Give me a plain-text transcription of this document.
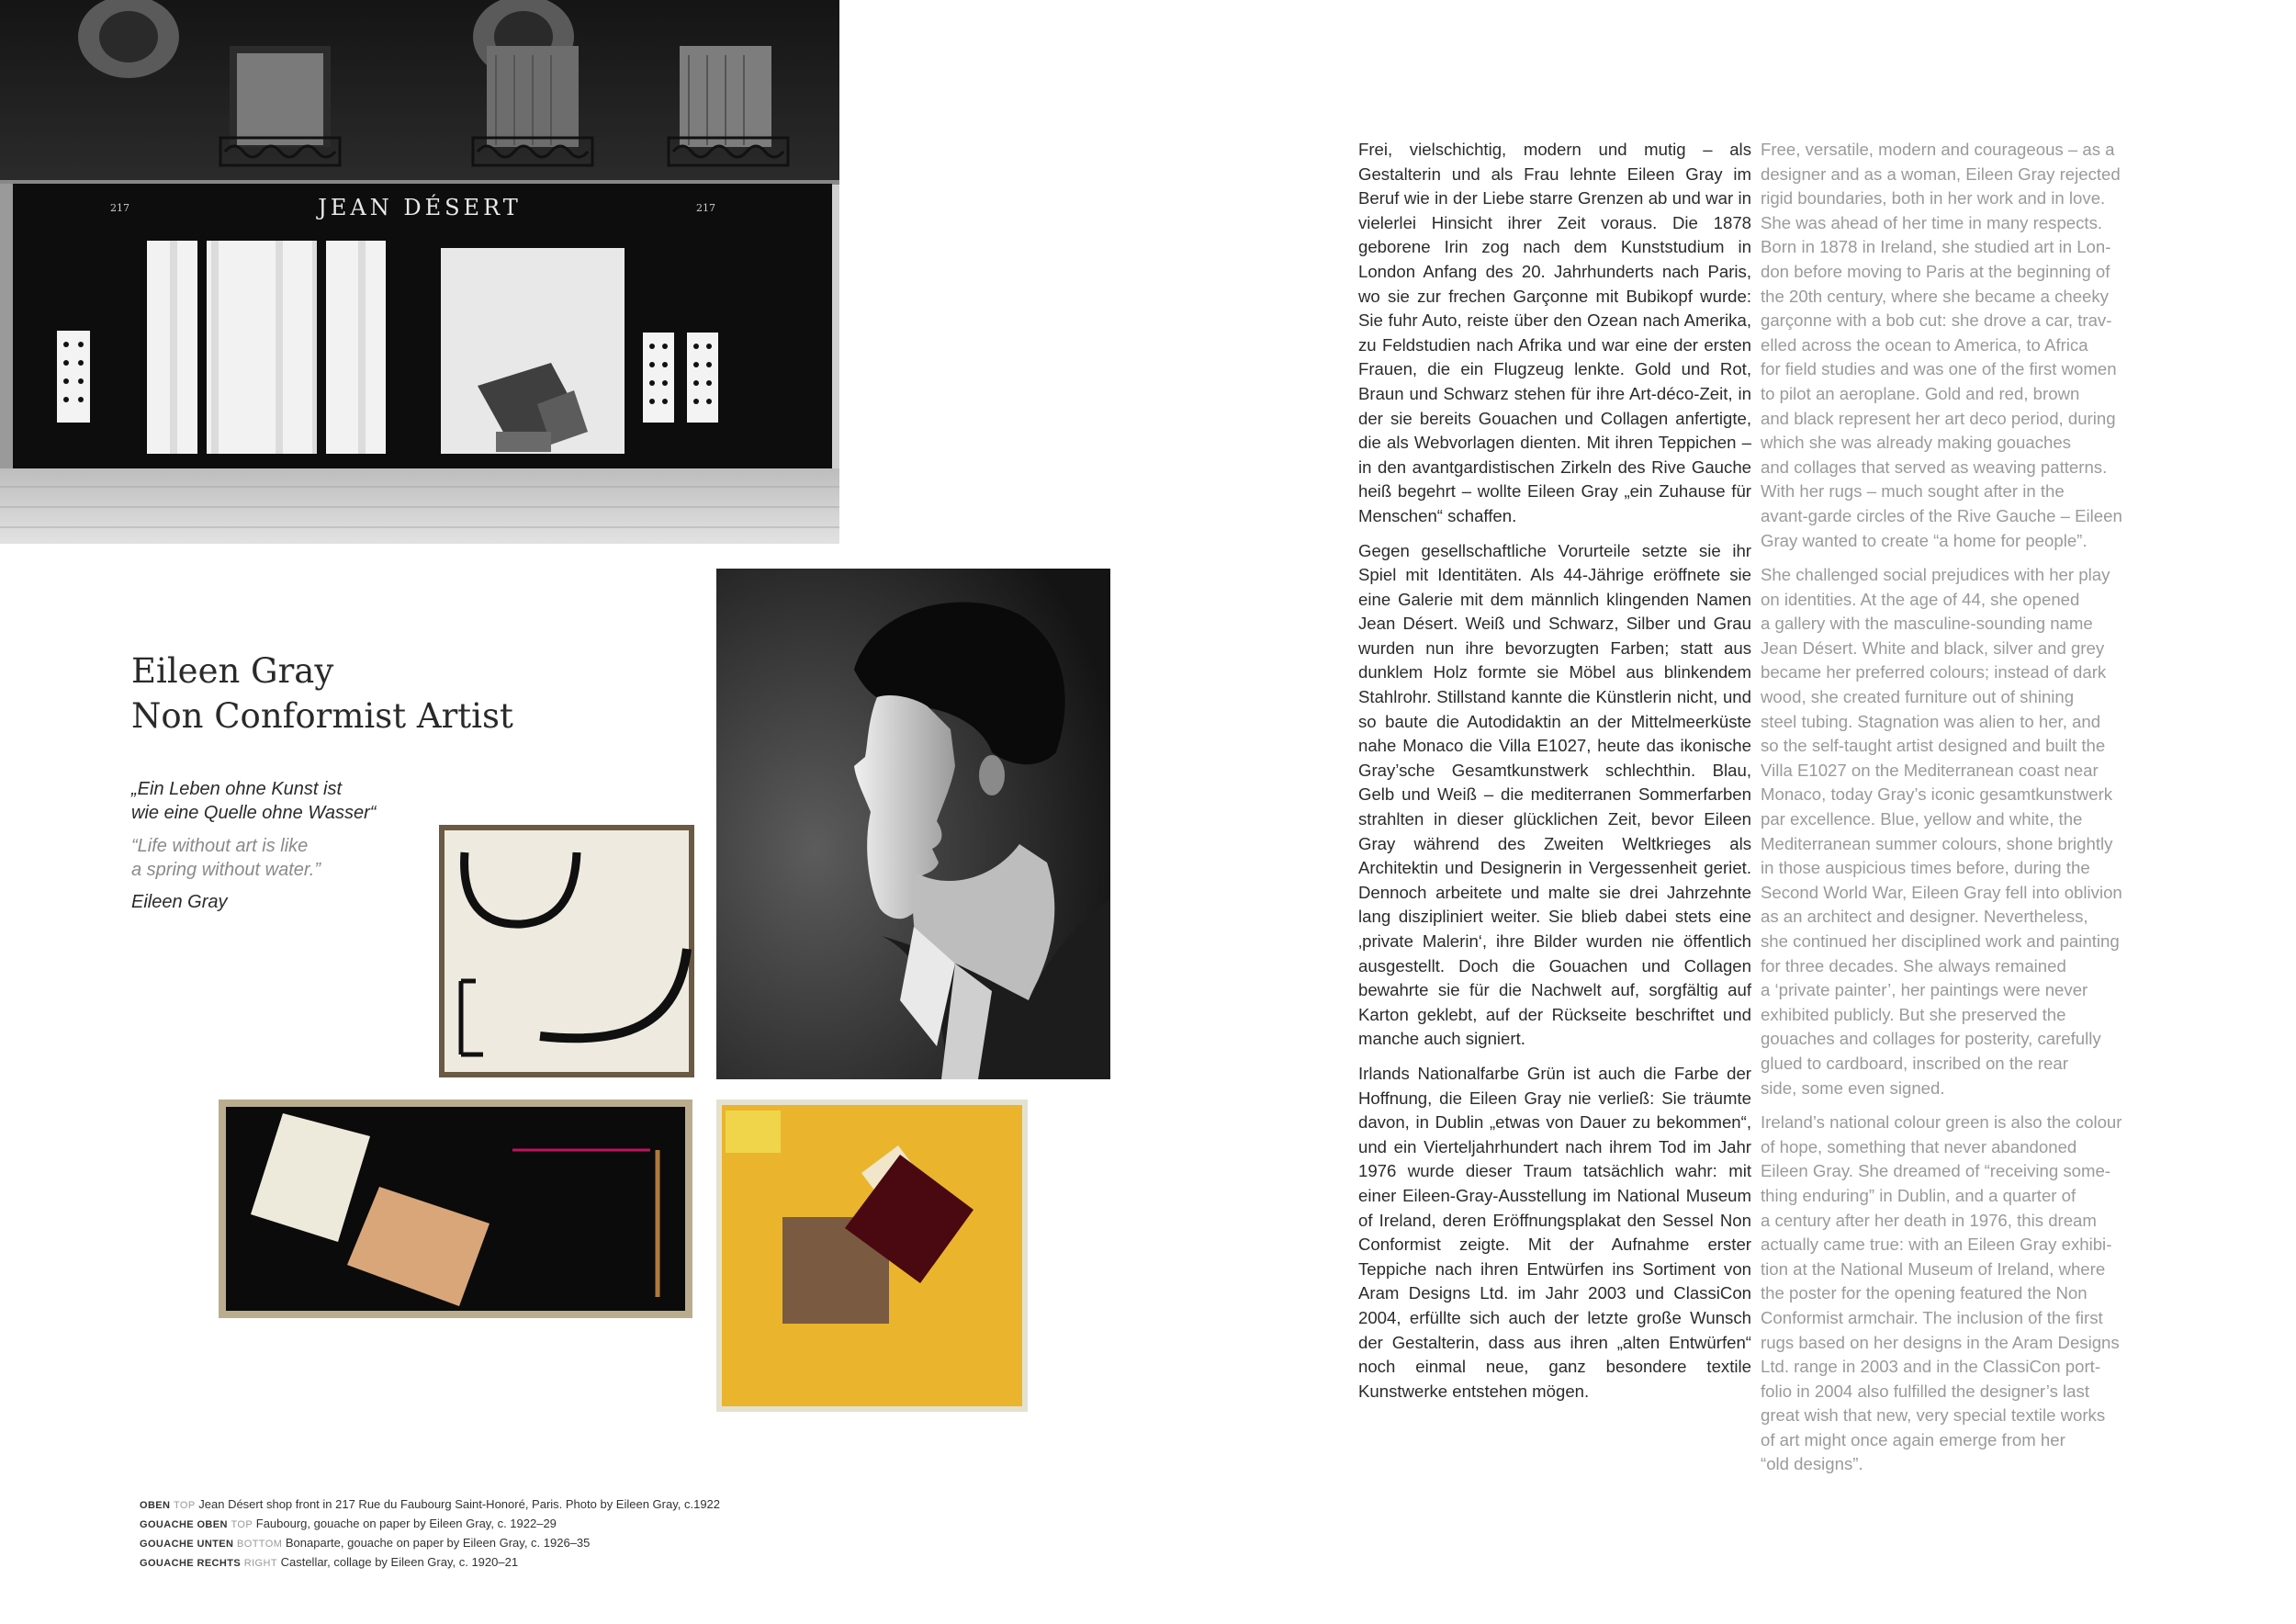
JEAN DÉSERT
217	217
Eileen Gray
Non Conformist Artist
„Ein Leben ohne Kunst ist
wie eine Quelle ohne Wasser“
“Life without art is like
a spring without water.”
Eileen Gray
OBEN TOP Jean Désert shop front in 217 Rue du Faubourg Saint-Honoré, Paris. Photo by Eileen Gray, c.1922
GOUACHE OBEN TOP Faubourg, gouache on paper by Eileen Gray, c. 1922–29
GOUACHE UNTEN BOTTOM Bonaparte, gouache on paper by Eileen Gray, c. 1926–35
GOUACHE RECHTS RIGHT Castellar, collage by Eileen Gray, c. 1920–21

Frei, vielschichtig, modern und mutig – als Gestalterin und als Frau lehnte Eileen Gray im Beruf wie in der Liebe starre Grenzen ab und war in vielerlei Hinsicht ihrer Zeit voraus. Die 1878 geborene Irin zog nach dem Kunststudium in London Anfang des 20. Jahrhunderts nach Paris, wo sie zur frechen Garçonne mit Bubikopf wurde: Sie fuhr Auto, reiste über den Ozean nach Amerika, zu Feldstudien nach Afrika und war eine der ersten Frauen, die ein Flugzeug lenkte. Gold und Rot, Braun und Schwarz stehen für ihre Art-déco-Zeit, in der sie bereits Gouachen und Collagen anfertigte, die als Webvorlagen dienten. Mit ihren Teppichen – in den avantgardistischen Zirkeln des Rive Gauche heiß begehrt – wollte Eileen Gray „ein Zuhause für Menschen“ schaffen.

Gegen gesellschaftliche Vorurteile setzte sie ihr Spiel mit Identitäten. Als 44-Jährige eröffnete sie eine Galerie mit dem männlich klingenden Namen Jean Désert. Weiß und Schwarz, Silber und Grau wurden nun ihre bevorzugten Farben; statt aus dunklem Holz formte sie Möbel aus blinkendem Stahlrohr. Stillstand kannte die Künstlerin nicht, und so baute die Autodidaktin an der Mittelmeerküste nahe Monaco die Villa E1027, heute das ikonische Gray’sche Gesamtkunstwerk schlechthin. Blau, Gelb und Weiß – die mediterranen Sommerfarben strahlten in dieser glücklichen Zeit, bevor Eileen Gray während des Zweiten Weltkrieges als Architektin und Designerin in Vergessenheit geriet. Dennoch arbeitete und malte sie drei Jahrzehnte lang diszipliniert weiter. Sie blieb dabei stets eine ‚private Malerin‘, ihre Bilder wurden nie öffentlich ausgestellt. Doch die Gouachen und Collagen bewahrte sie für die Nachwelt auf, sorgfältig auf Karton geklebt, auf der Rückseite beschriftet und manche auch signiert.

Irlands Nationalfarbe Grün ist auch die Farbe der Hoffnung, die Eileen Gray nie verließ: Sie träumte davon, in Dublin „etwas von Dauer zu bekommen“, und ein Vierteljahrhundert nach ihrem Tod im Jahr 1976 wurde dieser Traum tatsächlich wahr: mit einer Eileen-Gray-Ausstellung im National Museum of Ireland, deren Eröffnungsplakat den Sessel Non Conformist zeigte. Mit der Aufnahme erster Teppiche nach ihren Entwürfen ins Sortiment von Aram Designs Ltd. im Jahr 2003 und ClassiCon 2004, erfüllte sich auch der letzte große Wunsch der Gestalterin, dass aus ihren „alten Entwürfen“ noch einmal neue, ganz besondere textile Kunstwerke entstehen mögen.

Free, versatile, modern and courageous – as a
designer and as a woman, Eileen Gray rejected
rigid boundaries, both in her work and in love.
She was ahead of her time in many respects.
Born in 1878 in Ireland, she studied art in Lon-
don before moving to Paris at the beginning of
the 20th century, where she became a cheeky
garçonne with a bob cut: she drove a car, trav-
elled across the ocean to America, to Africa
for field studies and was one of the first women
to pilot an aeroplane. Gold and red, brown
and black represent her art deco period, during
which she was already making gouaches
and collages that served as weaving patterns.
With her rugs – much sought after in the
avant-garde circles of the Rive Gauche – Eileen
Gray wanted to create “a home for people”.

She challenged social prejudices with her play
on identities. At the age of 44, she opened
a gallery with the masculine-sounding name
Jean Désert. White and black, silver and grey
became her preferred colours; instead of dark
wood, she created furniture out of shining
steel tubing. Stagnation was alien to her, and
so the self-taught artist designed and built the
Villa E1027 on the Mediterranean coast near
Monaco, today Gray’s iconic gesamtkunstwerk
par excellence. Blue, yellow and white, the
Mediterranean summer colours, shone brightly
in those auspicious times before, during the
Second World War, Eileen Gray fell into oblivion
as an architect and designer. Nevertheless,
she continued her disciplined work and painting
for three decades. She always remained
a ‘private painter’, her paintings were never
exhibited publicly. But she preserved the
gouaches and collages for posterity, carefully
glued to cardboard, inscribed on the rear
side, some even signed.

Ireland’s national colour green is also the colour
of hope, something that never abandoned
Eileen Gray. She dreamed of “receiving some-
thing enduring” in Dublin, and a quarter of
a century after her death in 1976, this dream
actually came true: with an Eileen Gray exhibi-
tion at the National Museum of Ireland, where
the poster for the opening featured the Non
Conformist armchair. The inclusion of the first
rugs based on her designs in the Aram Designs
Ltd. range in 2003 and in the ClassiCon port-
folio in 2004 also fulfilled the designer’s last
great wish that new, very special textile works
of art might once again emerge from her
“old designs”.
